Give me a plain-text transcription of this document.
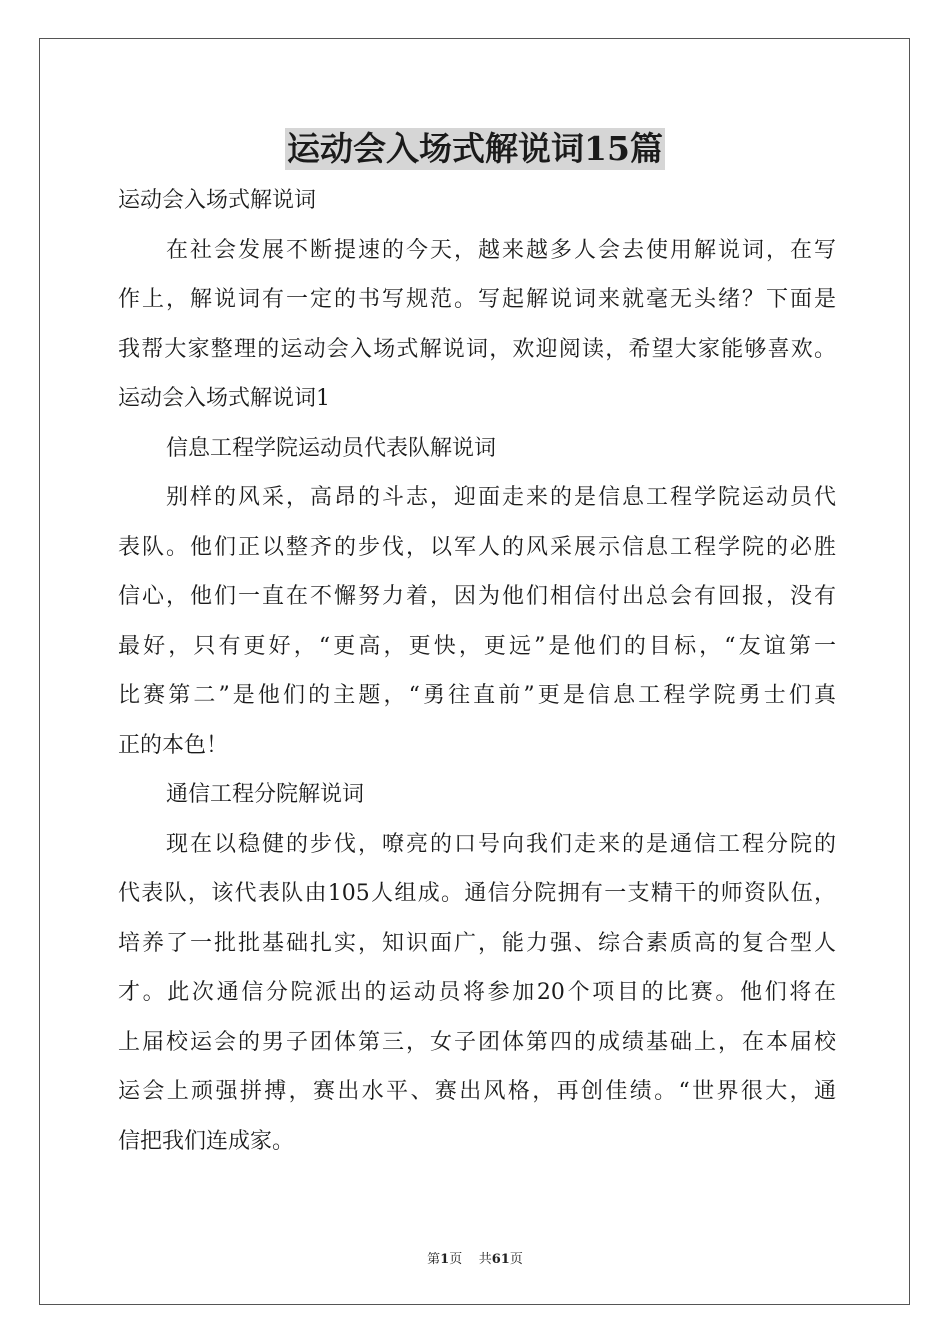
运动会入场式解说词15篇
运动会入场式解说词
在社会发展不断提速的今天，越来越多人会去使用解说词，在写
作上，解说词有一定的书写规范。写起解说词来就毫无头绪？下面是
我帮大家整理的运动会入场式解说词，欢迎阅读，希望大家能够喜欢。
运动会入场式解说词1
信息工程学院运动员代表队解说词
别样的风采，高昂的斗志，迎面走来的是信息工程学院运动员代
表队。他们正以整齐的步伐，以军人的风采展示信息工程学院的必胜
信心，他们一直在不懈努力着，因为他们相信付出总会有回报，没有
最好，只有更好，“更高，更快，更远”是他们的目标，“友谊第一
比赛第二”是他们的主题，“勇往直前”更是信息工程学院勇士们真
正的本色！
通信工程分院解说词
现在以稳健的步伐，嘹亮的口号向我们走来的是通信工程分院的
代表队，该代表队由105人组成。通信分院拥有一支精干的师资队伍，
培养了一批批基础扎实，知识面广，能力强、综合素质高的复合型人
才。此次通信分院派出的运动员将参加20个项目的比赛。他们将在
上届校运会的男子团体第三，女子团体第四的成绩基础上，在本届校
运会上顽强拼搏，赛出水平、赛出风格，再创佳绩。“世界很大，通
信把我们连成家。
第1页 共61页
